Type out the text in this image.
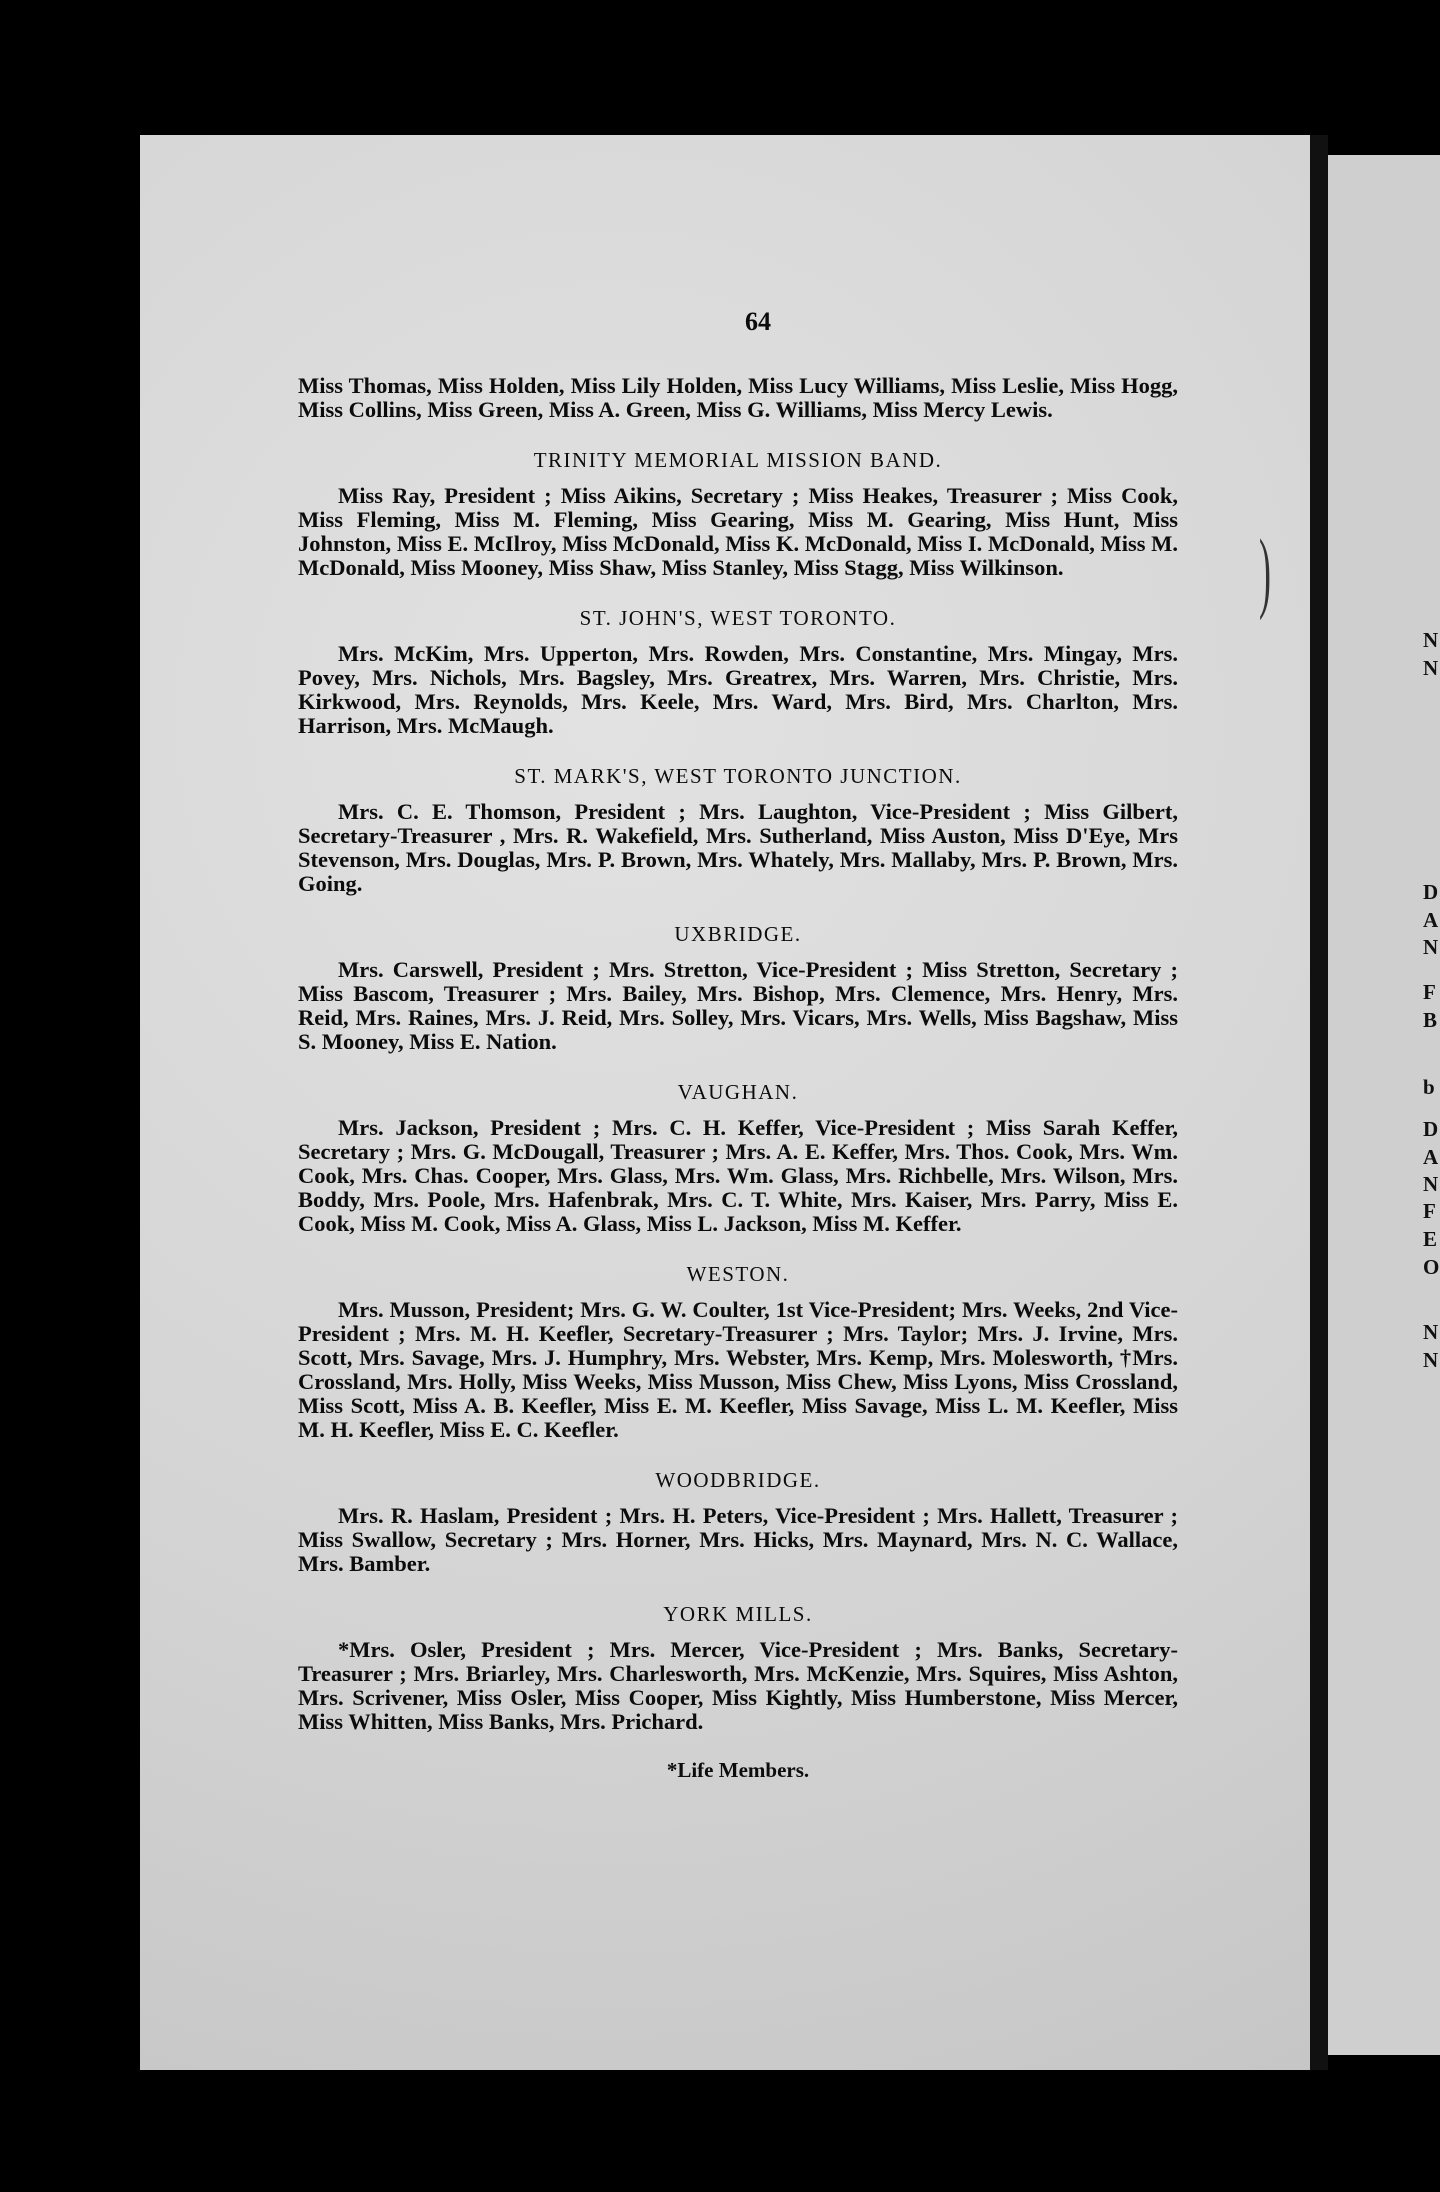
)
N
N
D
A
N
F
B
b
D
A
N
F
E
O
N
N
64

Miss Thomas, Miss Holden, Miss Lily Holden, Miss Lucy Williams, Miss Leslie, Miss Hogg, Miss Collins, Miss Green, Miss A. Green, Miss G. Williams, Miss Mercy Lewis.

TRINITY MEMORIAL MISSION BAND.

Miss Ray, President ; Miss Aikins, Secretary ; Miss Heakes, Treasurer ; Miss Cook, Miss Fleming, Miss M. Fleming, Miss Gearing, Miss M. Gearing, Miss Hunt, Miss Johnston, Miss E. McIlroy, Miss McDonald, Miss K. McDonald, Miss I. McDonald, Miss M. McDonald, Miss Mooney, Miss Shaw, Miss Stanley, Miss Stagg, Miss Wilkinson.

ST. JOHN'S, WEST TORONTO.

Mrs. McKim, Mrs. Upperton, Mrs. Rowden, Mrs. Constantine, Mrs. Mingay, Mrs. Povey, Mrs. Nichols, Mrs. Bagsley, Mrs. Greatrex, Mrs. Warren, Mrs. Christie, Mrs. Kirkwood, Mrs. Reynolds, Mrs. Keele, Mrs. Ward, Mrs. Bird, Mrs. Charlton, Mrs. Harrison, Mrs. McMaugh.

ST. MARK'S, WEST TORONTO JUNCTION.

Mrs. C. E. Thomson, President ; Mrs. Laughton, Vice-President ; Miss Gilbert, Secretary-Treasurer , Mrs. R. Wakefield, Mrs. Sutherland, Miss Auston, Miss D'Eye, Mrs Stevenson, Mrs. Douglas, Mrs. P. Brown, Mrs. Whately, Mrs. Mallaby, Mrs. P. Brown, Mrs. Going.

UXBRIDGE.

Mrs. Carswell, President ; Mrs. Stretton, Vice-President ; Miss Stretton, Secretary ; Miss Bascom, Treasurer ; Mrs. Bailey, Mrs. Bishop, Mrs. Clemence, Mrs. Henry, Mrs. Reid, Mrs. Raines, Mrs. J. Reid, Mrs. Solley, Mrs. Vicars, Mrs. Wells, Miss Bagshaw, Miss S. Mooney, Miss E. Nation.

VAUGHAN.

Mrs. Jackson, President ; Mrs. C. H. Keffer, Vice-President ; Miss Sarah Keffer, Secretary ; Mrs. G. McDougall, Treasurer ; Mrs. A. E. Keffer, Mrs. Thos. Cook, Mrs. Wm. Cook, Mrs. Chas. Cooper, Mrs. Glass, Mrs. Wm. Glass, Mrs. Richbelle, Mrs. Wilson, Mrs. Boddy, Mrs. Poole, Mrs. Hafenbrak, Mrs. C. T. White, Mrs. Kaiser, Mrs. Parry, Miss E. Cook, Miss M. Cook, Miss A. Glass, Miss L. Jackson, Miss M. Keffer.

WESTON.

Mrs. Musson, President; Mrs. G. W. Coulter, 1st Vice-President; Mrs. Weeks, 2nd Vice-President ; Mrs. M. H. Keefler, Secretary-Treasurer ; Mrs. Taylor; Mrs. J. Irvine, Mrs. Scott, Mrs. Savage, Mrs. J. Humphry, Mrs. Webster, Mrs. Kemp, Mrs. Molesworth, †Mrs. Crossland, Mrs. Holly, Miss Weeks, Miss Musson, Miss Chew, Miss Lyons, Miss Crossland, Miss Scott, Miss A. B. Keefler, Miss E. M. Keefler, Miss Savage, Miss L. M. Keefler, Miss M. H. Keefler, Miss E. C. Keefler.

WOODBRIDGE.

Mrs. R. Haslam, President ; Mrs. H. Peters, Vice-President ; Mrs. Hallett, Treasurer ; Miss Swallow, Secretary ; Mrs. Horner, Mrs. Hicks, Mrs. Maynard, Mrs. N. C. Wallace, Mrs. Bamber.

YORK MILLS.

*Mrs. Osler, President ; Mrs. Mercer, Vice-President ; Mrs. Banks, Secretary-Treasurer ; Mrs. Briarley, Mrs. Charlesworth, Mrs. McKenzie, Mrs. Squires, Miss Ashton, Mrs. Scrivener, Miss Osler, Miss Cooper, Miss Kightly, Miss Humberstone, Miss Mercer, Miss Whitten, Miss Banks, Mrs. Prichard.

*Life Members.
